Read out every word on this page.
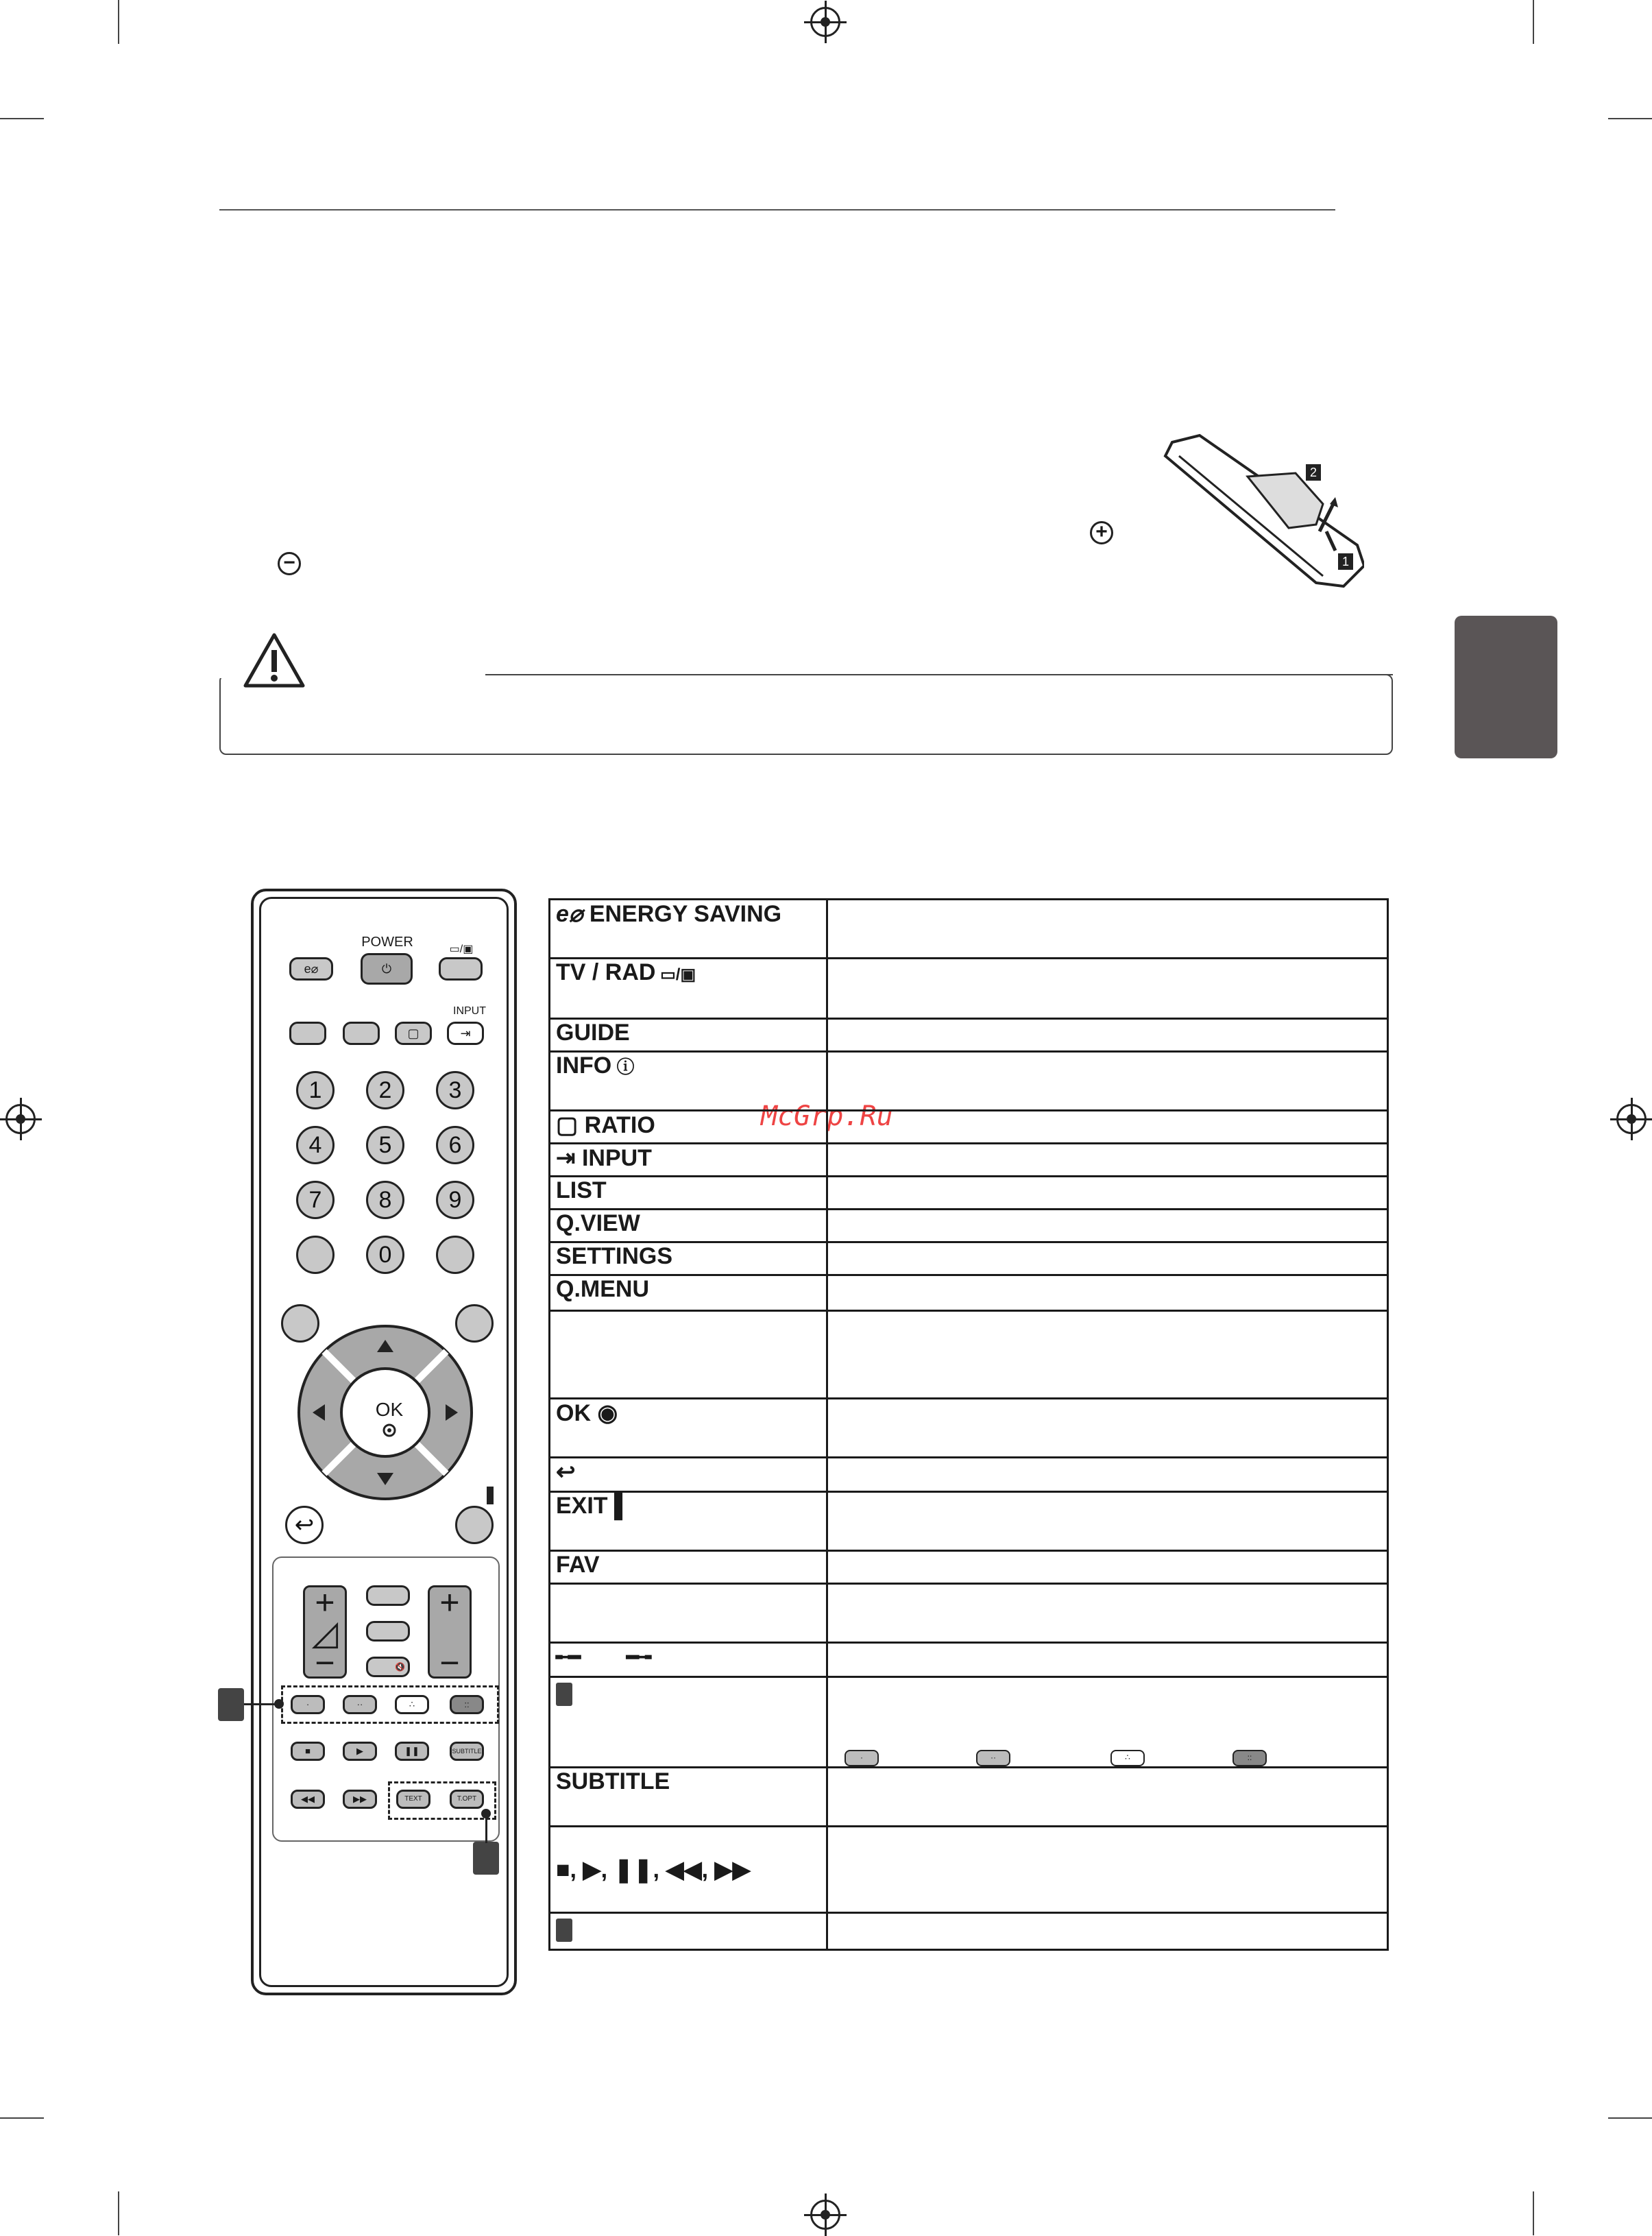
+
−
2
1
McGrp.Ru
POWER
e⌀	⏻
▭/▣
INPUT
▢	⇥
1	2	3
4	5	6
7	8	9
0
OK
↩
+
◿
−
+

−
🔇
·	··	∴	::
■	▶	❚❚	SUBTITLE
◀◀	▶▶	TEXT	T.OPT
e⌀ ENERGY SAVING	
TV / RAD ▭/▣	
GUIDE	
INFO ⓘ	
▢ RATIO	
⇥ INPUT	
LIST	
Q.VIEW	
SETTINGS	
Q.MENU	

OK ◉	
↩	
EXIT ▌	
FAV	

╾━        ━╼	

SUBTITLE	
■, ▶, ❚❚, ◀◀, ▶▶	

·	··	∴	::
